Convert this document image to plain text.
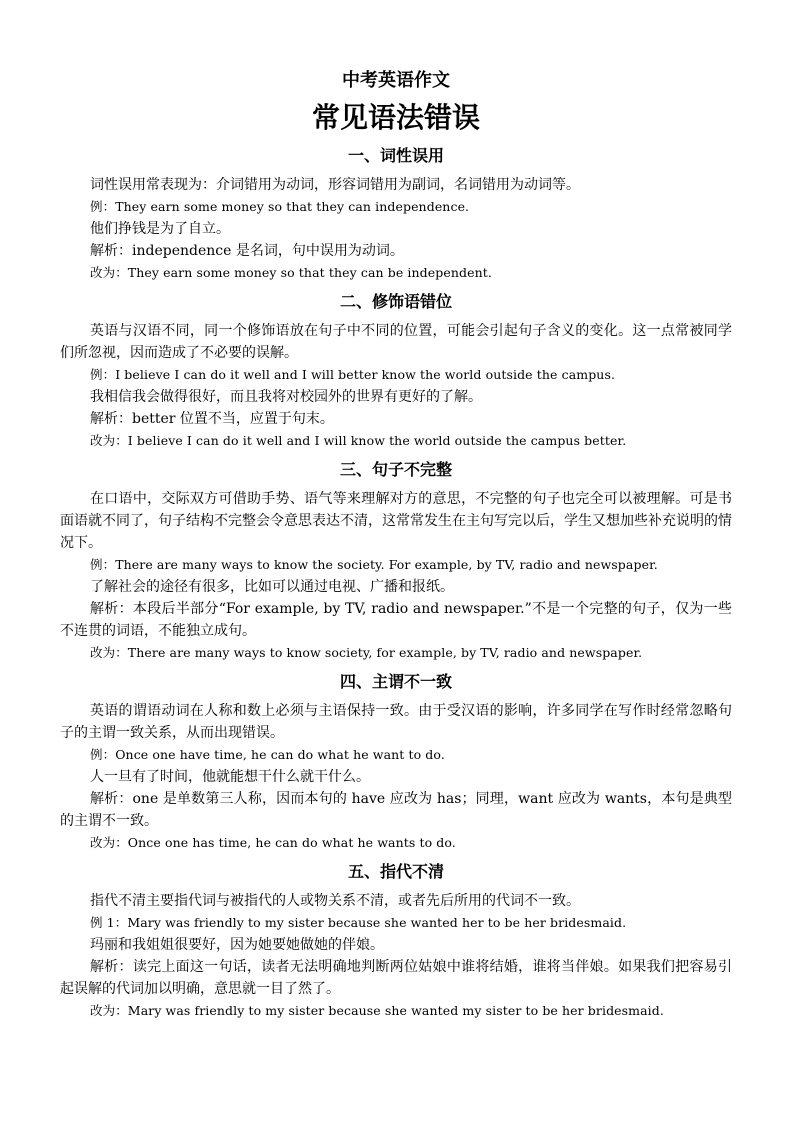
中考英语作文
常见语法错误
一、词性误用
词性误用常表现为：介词错用为动词，形容词错用为副词，名词错用为动词等。
例：They earn some money so that they can independence.
他们挣钱是为了自立。
解析：independence 是名词，句中误用为动词。
改为：They earn some money so that they can be independent.
二、修饰语错位
英语与汉语不同，同一个修饰语放在句子中不同的位置，可能会引起句子含义的变化。这一点常被同学们所忽视，因而造成了不必要的误解。
例：I believe I can do it well and I will better know the world outside the campus.
我相信我会做得很好，而且我将对校园外的世界有更好的了解。
解析：better 位置不当，应置于句末。
改为：I believe I can do it well and I will know the world outside the campus better.
三、句子不完整
在口语中，交际双方可借助手势、语气等来理解对方的意思，不完整的句子也完全可以被理解。可是书面语就不同了，句子结构不完整会令意思表达不清，这常常发生在主句写完以后，学生又想加些补充说明的情况下。
例：There are many ways to know the society. For example, by TV, radio and newspaper.
了解社会的途径有很多，比如可以通过电视、广播和报纸。
解析：本段后半部分“For example, by TV, radio and newspaper.”不是一个完整的句子，仅为一些不连贯的词语，不能独立成句。
改为：There are many ways to know society, for example, by TV, radio and newspaper.
四、主谓不一致
英语的谓语动词在人称和数上必须与主语保持一致。由于受汉语的影响，许多同学在写作时经常忽略句子的主谓一致关系，从而出现错误。
例：Once one have time, he can do what he want to do.
人一旦有了时间，他就能想干什么就干什么。
解析：one 是单数第三人称，因而本句的 have 应改为 has；同理，want 应改为 wants，本句是典型的主谓不一致。
改为：Once one has time, he can do what he wants to do.
五、指代不清
指代不清主要指代词与被指代的人或物关系不清，或者先后所用的代词不一致。
例 1：Mary was friendly to my sister because she wanted her to be her bridesmaid.
玛丽和我姐姐很要好，因为她要她做她的伴娘。
解析：读完上面这一句话，读者无法明确地判断两位姑娘中谁将结婚，谁将当伴娘。如果我们把容易引起误解的代词加以明确，意思就一目了然了。
改为：Mary was friendly to my sister because she wanted my sister to be her bridesmaid.
